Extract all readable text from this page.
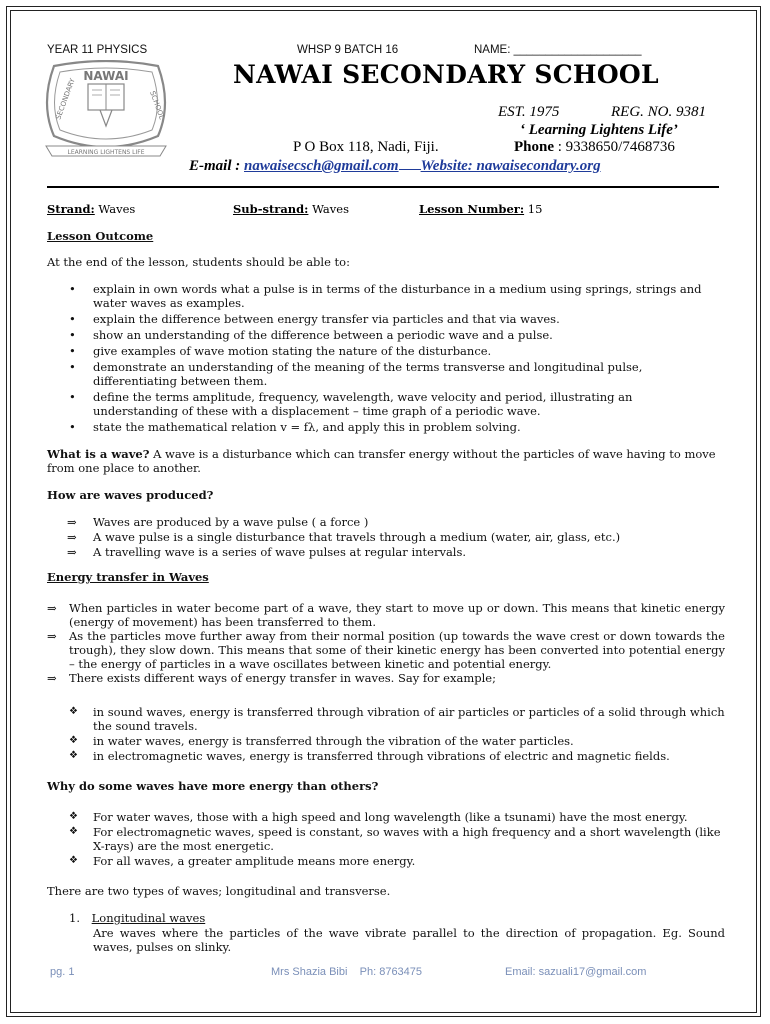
YEAR 11 PHYSICS	WHSP 9 BATCH 16	NAME: ____________________
NAWAI
SECONDARY	SCHOOL
LEARNING LIGHTENS LIFE
NAWAI SECONDARY SCHOOL
EST. 1975	REG. NO. 9381
‘ Learning Lightens Life’
P O Box 118, Nadi, Fiji.	Phone : 9338650/7468736
E-mail : nawaisecsch@gmail.com Website: nawaisecondary.org
Strand: Waves	Sub-strand: Waves	Lesson Number: 15
Lesson Outcome
At the end of the lesson, students should be able to:
• explain in own words what a pulse is in terms of the disturbance in a medium using springs, strings and water waves as examples.
• explain the difference between energy transfer via particles and that via waves.
• show an understanding of the difference between a periodic wave and a pulse.
• give examples of wave motion stating the nature of the disturbance.
• demonstrate an understanding of the meaning of the terms transverse and longitudinal pulse, differentiating between them.
• define the terms amplitude, frequency, wavelength, wave velocity and period, illustrating an understanding of these with a displacement – time graph of a periodic wave.
• state the mathematical relation v = fλ, and apply this in problem solving.
What is a wave? A wave is a disturbance which can transfer energy without the particles of wave having to move from one place to another.
How are waves produced?
⇒ Waves are produced by a wave pulse ( a force )
⇒ A wave pulse is a single disturbance that travels through a medium (water, air, glass, etc.)
⇒ A travelling wave is a series of wave pulses at regular intervals.
Energy transfer in Waves
⇒ When particles in water become part of a wave, they start to move up or down. This means that kinetic energy (energy of movement) has been transferred to them.
⇒ As the particles move further away from their normal position (up towards the wave crest or down towards the trough), they slow down. This means that some of their kinetic energy has been converted into potential energy – the energy of particles in a wave oscillates between kinetic and potential energy.
⇒ There exists different ways of energy transfer in waves. Say for example;
❖ in sound waves, energy is transferred through vibration of air particles or particles of a solid through which the sound travels.
❖ in water waves, energy is transferred through the vibration of the water particles.
❖ in electromagnetic waves, energy is transferred through vibrations of electric and magnetic fields.
Why do some waves have more energy than others?
❖ For water waves, those with a high speed and long wavelength (like a tsunami) have the most energy.
❖ For electromagnetic waves, speed is constant, so waves with a high frequency and a short wavelength (like X-rays) are the most energetic.
❖ For all waves, a greater amplitude means more energy.
There are two types of waves; longitudinal and transverse.
1. Longitudinal waves
Are waves where the particles of the wave vibrate parallel to the direction of propagation. Eg. Sound waves, pulses on slinky.
pg. 1	Mrs Shazia Bibi    Ph: 8763475	Email: sazuali17@gmail.com
